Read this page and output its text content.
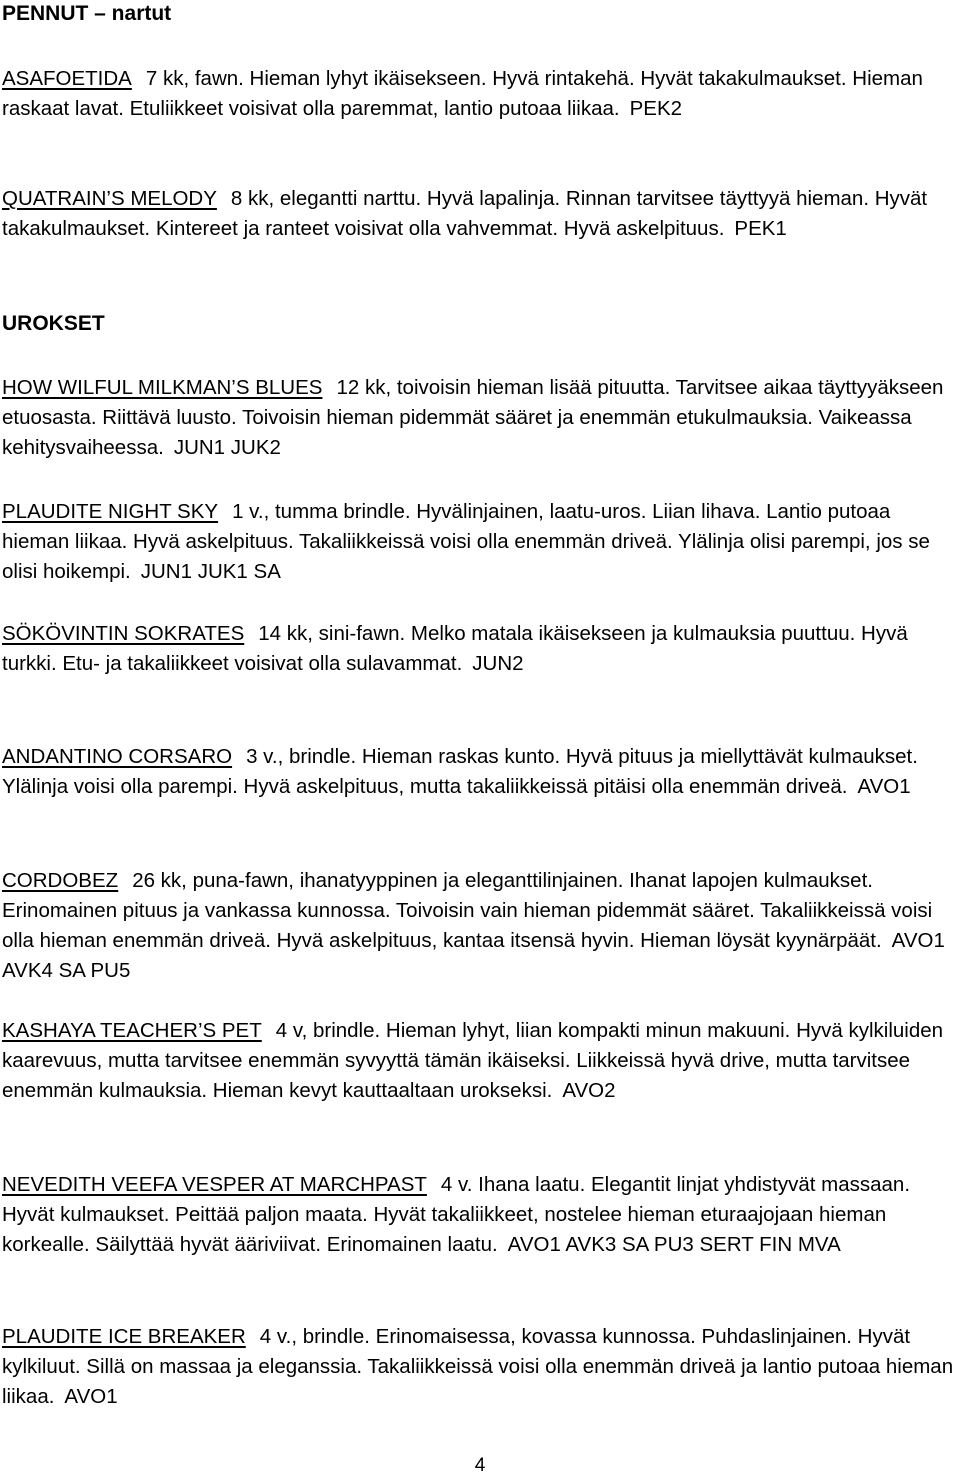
PENNUT – nartut

ASAFOETIDA 7 kk, fawn. Hieman lyhyt ikäisekseen. Hyvä rintakehä. Hyvät takakulmaukset. Hieman raskaat lavat. Etuliikkeet voisivat olla paremmat, lantio putoaa liikaa. PEK2

QUATRAIN’S MELODY 8 kk, elegantti narttu. Hyvä lapalinja. Rinnan tarvitsee täyttyyä hieman. Hyvät takakulmaukset. Kintereet ja ranteet voisivat olla vahvemmat. Hyvä askelpituus. PEK1

UROKSET

HOW WILFUL MILKMAN’S BLUES 12 kk, toivoisin hieman lisää pituutta. Tarvitsee aikaa täyttyyäkseen etuosasta. Riittävä luusto. Toivoisin hieman pidemmät sääret ja enemmän etukulmauksia. Vaikeassa kehitysvaiheessa. JUN1 JUK2

PLAUDITE NIGHT SKY 1 v., tumma brindle. Hyvälinjainen, laatu-uros. Liian lihava. Lantio putoaa hieman liikaa. Hyvä askelpituus. Takaliikkeissä voisi olla enemmän driveä. Ylälinja olisi parempi, jos se olisi hoikempi. JUN1 JUK1 SA

SÖKÖVINTIN SOKRATES 14 kk, sini-fawn. Melko matala ikäisekseen ja kulmauksia puuttuu. Hyvä turkki. Etu- ja takaliikkeet voisivat olla sulavammat. JUN2

ANDANTINO CORSARO 3 v., brindle. Hieman raskas kunto. Hyvä pituus ja miellyttävät kulmaukset. Ylälinja voisi olla parempi. Hyvä askelpituus, mutta takaliikkeissä pitäisi olla enemmän driveä. AVO1

CORDOBEZ 26 kk, puna-fawn, ihanatyyppinen ja eleganttilinjainen. Ihanat lapojen kulmaukset. Erinomainen pituus ja vankassa kunnossa. Toivoisin vain hieman pidemmät sääret. Takaliikkeissä voisi olla hieman enemmän driveä. Hyvä askelpituus, kantaa itsensä hyvin. Hieman löysät kyynärpäät. AVO1 AVK4 SA PU5

KASHAYA TEACHER’S PET 4 v, brindle. Hieman lyhyt, liian kompakti minun makuuni. Hyvä kylkiluiden kaarevuus, mutta tarvitsee enemmän syvyyttä tämän ikäiseksi. Liikkeissä hyvä drive, mutta tarvitsee enemmän kulmauksia. Hieman kevyt kauttaaltaan urokseksi. AVO2

NEVEDITH VEEFA VESPER AT MARCHPAST 4 v. Ihana laatu. Elegantit linjat yhdistyvät massaan. Hyvät kulmaukset. Peittää paljon maata. Hyvät takaliikkeet, nostelee hieman eturaajojaan hieman korkealle. Säilyttää hyvät ääriviivat. Erinomainen laatu. AVO1 AVK3 SA PU3 SERT FIN MVA

PLAUDITE ICE BREAKER 4 v., brindle. Erinomaisessa, kovassa kunnossa. Puhdaslinjainen. Hyvät kylkiluut. Sillä on massaa ja eleganssia. Takaliikkeissä voisi olla enemmän driveä ja lantio putoaa hieman liikaa. AVO1

4
